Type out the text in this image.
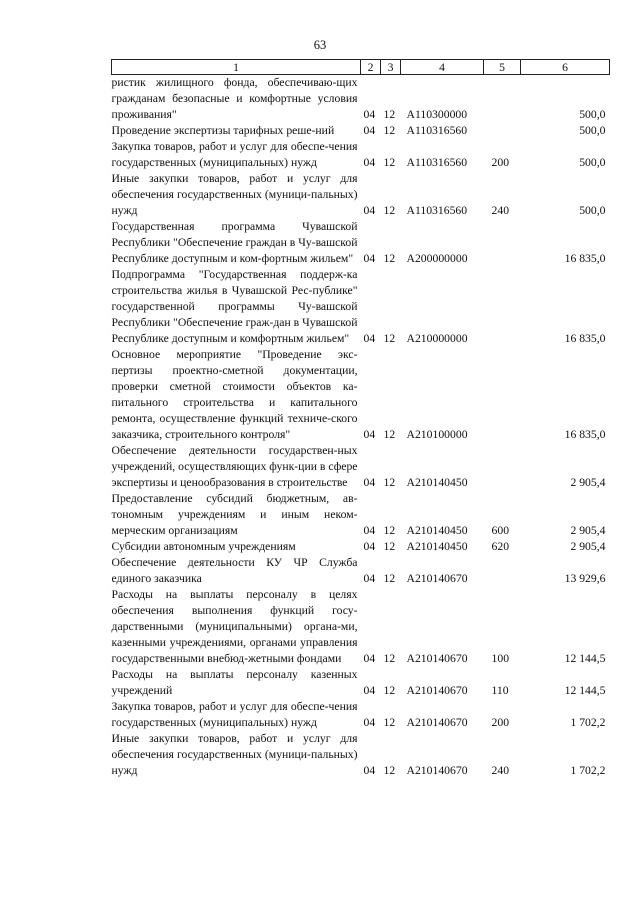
63
1	2	3	4	5	6
ристик жилищного фонда, обеспечиваю-щих гражданам безопасные и комфортные условия проживания"	04	12	А110300000		500,0
Проведение экспертизы тарифных реше-ний	04	12	А110316560		500,0
Закупка товаров, работ и услуг для обеспе-чения государственных (муниципальных) нужд	04	12	А110316560	200	500,0
Иные закупки товаров, работ и услуг для обеспечения государственных (муници-пальных) нужд	04	12	А110316560	240	500,0
Государственная программа Чувашской Республики "Обеспечение граждан в Чу-вашской Республике доступным и ком-фортным жильем"	04	12	А200000000		16 835,0
Подпрограмма "Государственная поддерж-ка строительства жилья в Чувашской Рес-публике" государственной программы Чу-вашской Республики "Обеспечение граж-дан в Чувашской Республике доступным и комфортным жильем"	04	12	А210000000		16 835,0
Основное мероприятие "Проведение экс-пертизы проектно-сметной документации, проверки сметной стоимости объектов ка-питального строительства и капитального ремонта, осуществление функций техниче-ского заказчика, строительного контроля"	04	12	А210100000		16 835,0
Обеспечение деятельности государствен-ных учреждений, осуществляющих функ-ции в сфере экспертизы и ценообразования в строительстве	04	12	А210140450		2 905,4
Предоставление субсидий бюджетным, ав-тономным учреждениям и иным неком-мерческим организациям	04	12	А210140450	600	2 905,4
Субсидии автономным учреждениям	04	12	А210140450	620	2 905,4
Обеспечение деятельности КУ ЧР Служба единого заказчика	04	12	А210140670		13 929,6
Расходы на выплаты персоналу в целях обеспечения выполнения функций госу-дарственными (муниципальными) органа-ми, казенными учреждениями, органами управления государственными внебюд-жетными фондами	04	12	А210140670	100	12 144,5
Расходы на выплаты персоналу казенных учреждений	04	12	А210140670	110	12 144,5
Закупка товаров, работ и услуг для обеспе-чения государственных (муниципальных) нужд	04	12	А210140670	200	1 702,2
Иные закупки товаров, работ и услуг для обеспечения государственных (муници-пальных) нужд	04	12	А210140670	240	1 702,2
